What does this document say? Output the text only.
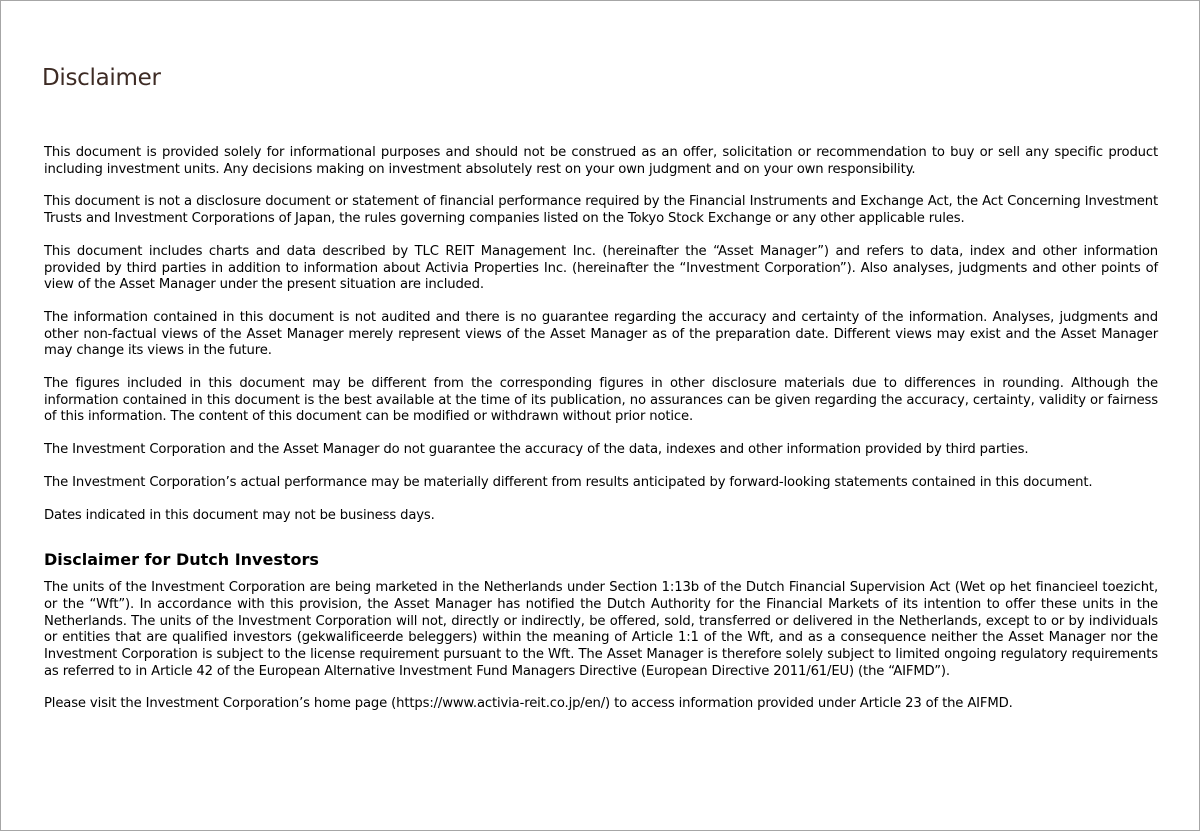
Disclaimer

This document is provided solely for informational purposes and should not be construed as an offer, solicitation or recommendation to buy or sell any specific product including investment units. Any decisions making on investment absolutely rest on your own judgment and on your own responsibility.

This document is not a disclosure document or statement of financial performance required by the Financial Instruments and Exchange Act, the Act Concerning Investment Trusts and Investment Corporations of Japan, the rules governing companies listed on the Tokyo Stock Exchange or any other applicable rules.

This document includes charts and data described by TLC REIT Management Inc. (hereinafter the “Asset Manager”) and refers to data, index and other information provided by third parties in addition to information about Activia Properties Inc. (hereinafter the “Investment Corporation”). Also analyses, judgments and other points of view of the Asset Manager under the present situation are included.

The information contained in this document is not audited and there is no guarantee regarding the accuracy and certainty of the information. Analyses, judgments and other non-factual views of the Asset Manager merely represent views of the Asset Manager as of the preparation date. Different views may exist and the Asset Manager may change its views in the future.

The figures included in this document may be different from the corresponding figures in other disclosure materials due to differences in rounding. Although the information contained in this document is the best available at the time of its publication, no assurances can be given regarding the accuracy, certainty, validity or fairness of this information. The content of this document can be modified or withdrawn without prior notice.

The Investment Corporation and the Asset Manager do not guarantee the accuracy of the data, indexes and other information provided by third parties.

The Investment Corporation’s actual performance may be materially different from results anticipated by forward-looking statements contained in this document.

Dates indicated in this document may not be business days.

Disclaimer for Dutch Investors

The units of the Investment Corporation are being marketed in the Netherlands under Section 1:13b of the Dutch Financial Supervision Act (Wet op het financieel toezicht, or the “Wft”). In accordance with this provision, the Asset Manager has notified the Dutch Authority for the Financial Markets of its intention to offer these units in the Netherlands. The units of the Investment Corporation will not, directly or indirectly, be offered, sold, transferred or delivered in the Netherlands, except to or by individuals or entities that are qualified investors (gekwalificeerde beleggers) within the meaning of Article 1:1 of the Wft, and as a consequence neither the Asset Manager nor the Investment Corporation is subject to the license requirement pursuant to the Wft. The Asset Manager is therefore solely subject to limited ongoing regulatory requirements as referred to in Article 42 of the European Alternative Investment Fund Managers Directive (European Directive 2011/61/EU) (the “AIFMD”).

Please visit the Investment Corporation’s home page (https://www.activia-reit.co.jp/en/) to access information provided under Article 23 of the AIFMD.
